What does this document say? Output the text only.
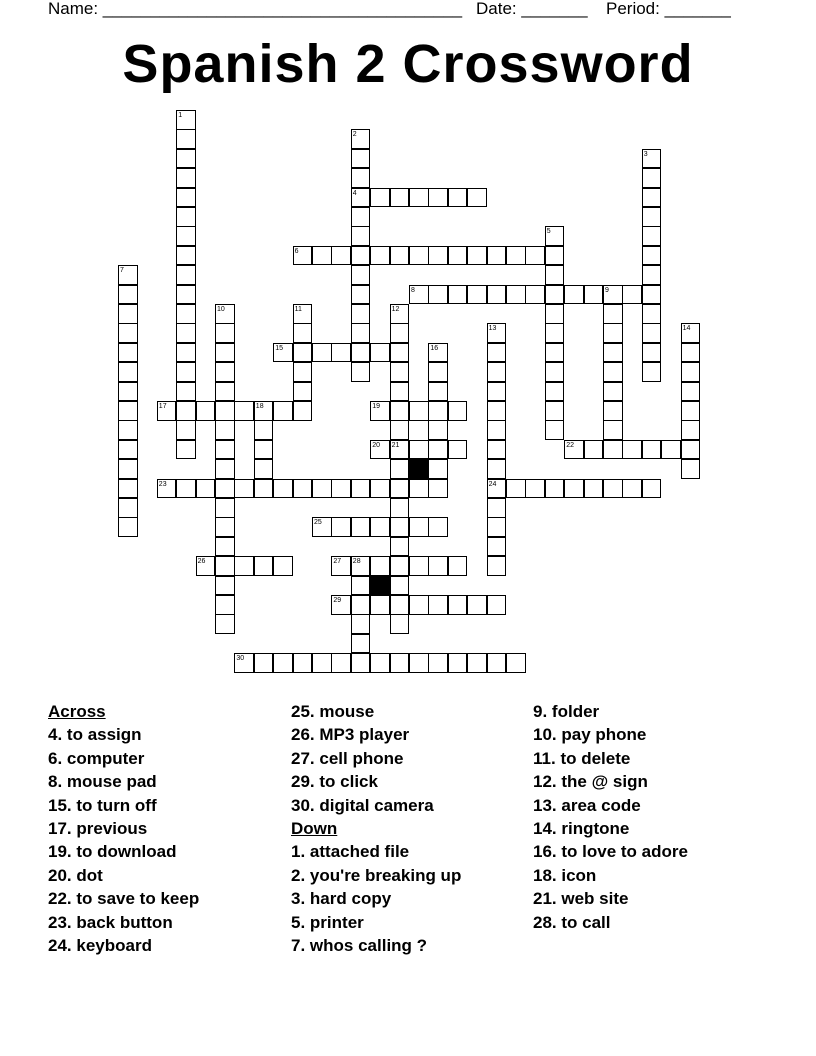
Name: ______________________________________ Date: _______ Period: _______
Spanish 2 Crossword
1
2
4
3
5
6
7
8	9
10	11	12
21
13
24
14
15	16
17	18	19
20	22
23
25
26	27 28
29
30
Across
4. to assign
6. computer
8. mouse pad
15. to turn off
17. previous
19. to download
20. dot
22. to save to keep
23. back button
24. keyboard
25. mouse
26. MP3 player
27. cell phone
29. to click
30. digital camera
Down
1. attached file
2. you're breaking up
3. hard copy
5. printer
7. whos calling ?
9. folder
10. pay phone
11. to delete
12. the @ sign
13. area code
14. ringtone
16. to love to adore
18. icon
21. web site
28. to call
